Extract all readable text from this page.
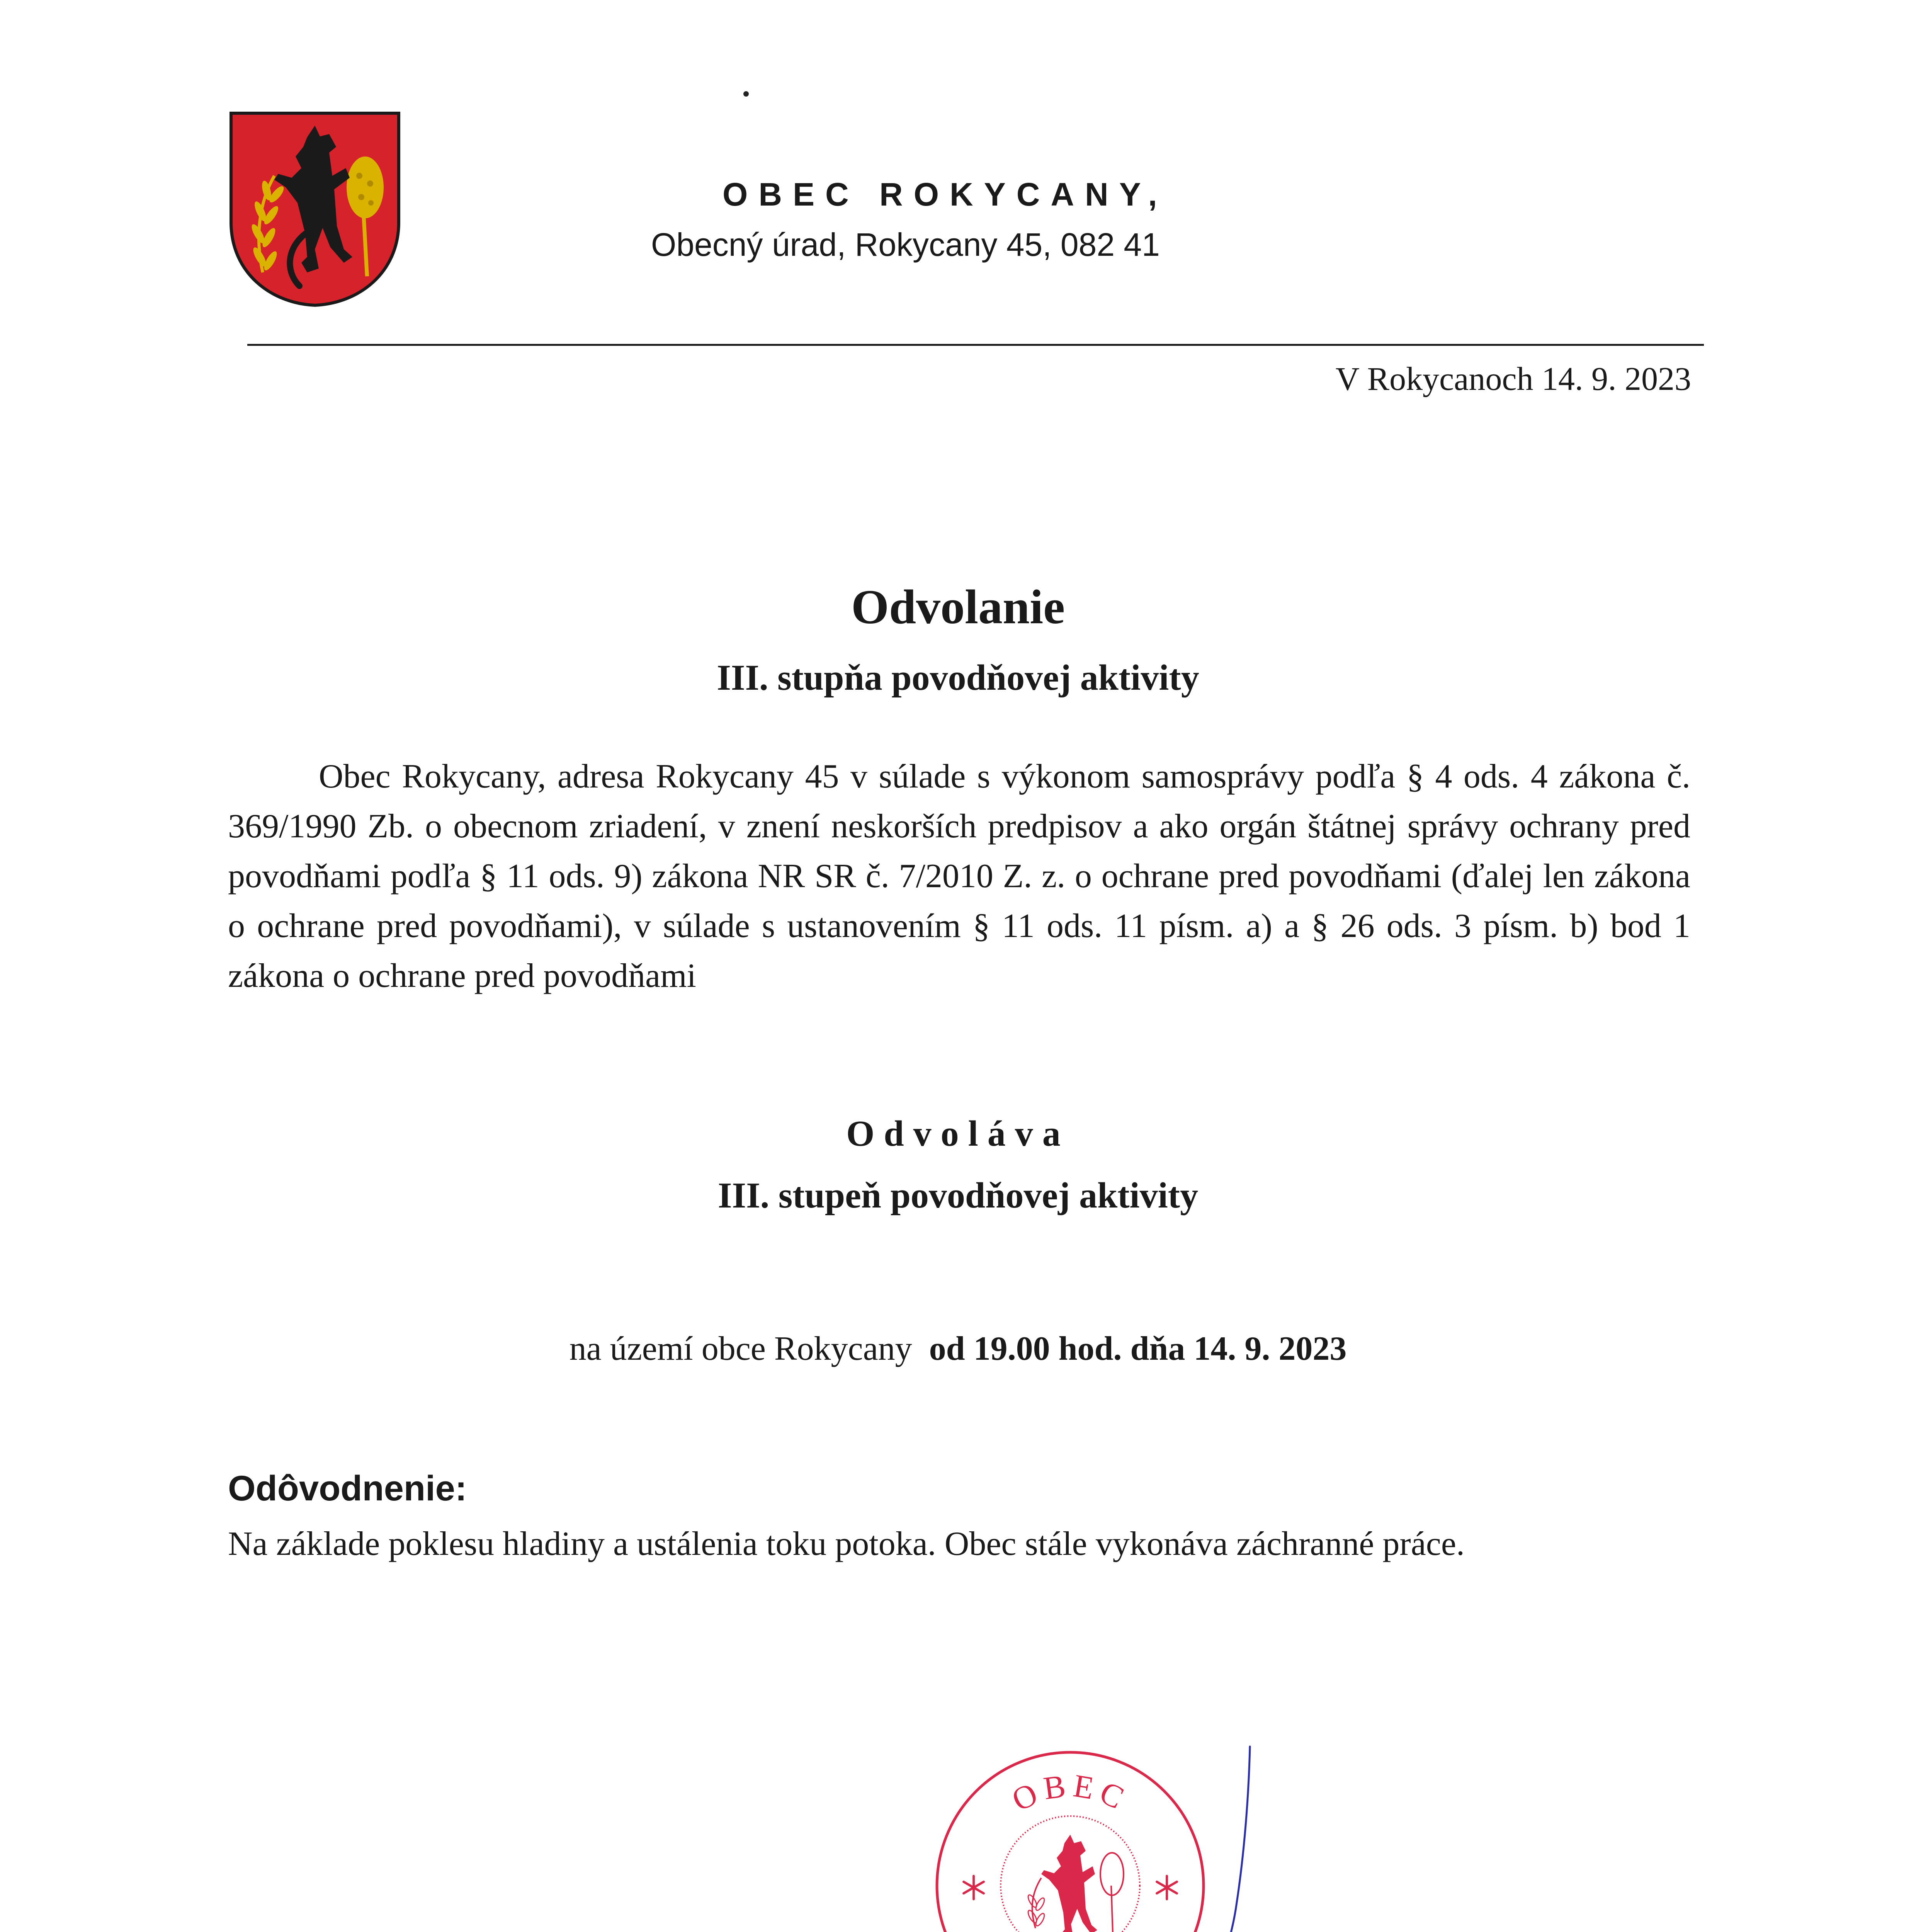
OBEC ROKYCANY,
Obecný úrad, Rokycany 45, 082 41
V Rokycanoch 14. 9. 2023
Odvolanie
III. stupňa povodňovej aktivity
Obec Rokycany, adresa Rokycany 45 v súlade s výkonom samosprávy podľa § 4 ods. 4 zákona č. 369/1990 Zb. o obecnom zriadení, v znení neskorších predpisov a ako orgán štátnej správy ochrany pred povodňami podľa § 11 ods. 9) zákona NR SR č. 7/2010 Z. z. o ochrane pred povodňami (ďalej len zákona o ochrane pred povodňami), v súlade s ustanovením § 11 ods. 11 písm. a) a § 26 ods. 3 písm. b) bod 1 zákona o ochrane pred povodňami
Odvoláva
III. stupeň povodňovej aktivity
na území obce Rokycany od 19.00 hod. dňa 14. 9. 2023
Odôvodnenie:
Na základe poklesu hladiny a ustálenia toku potoka. Obec stále vykonáva záchranné práce.
OBEC
